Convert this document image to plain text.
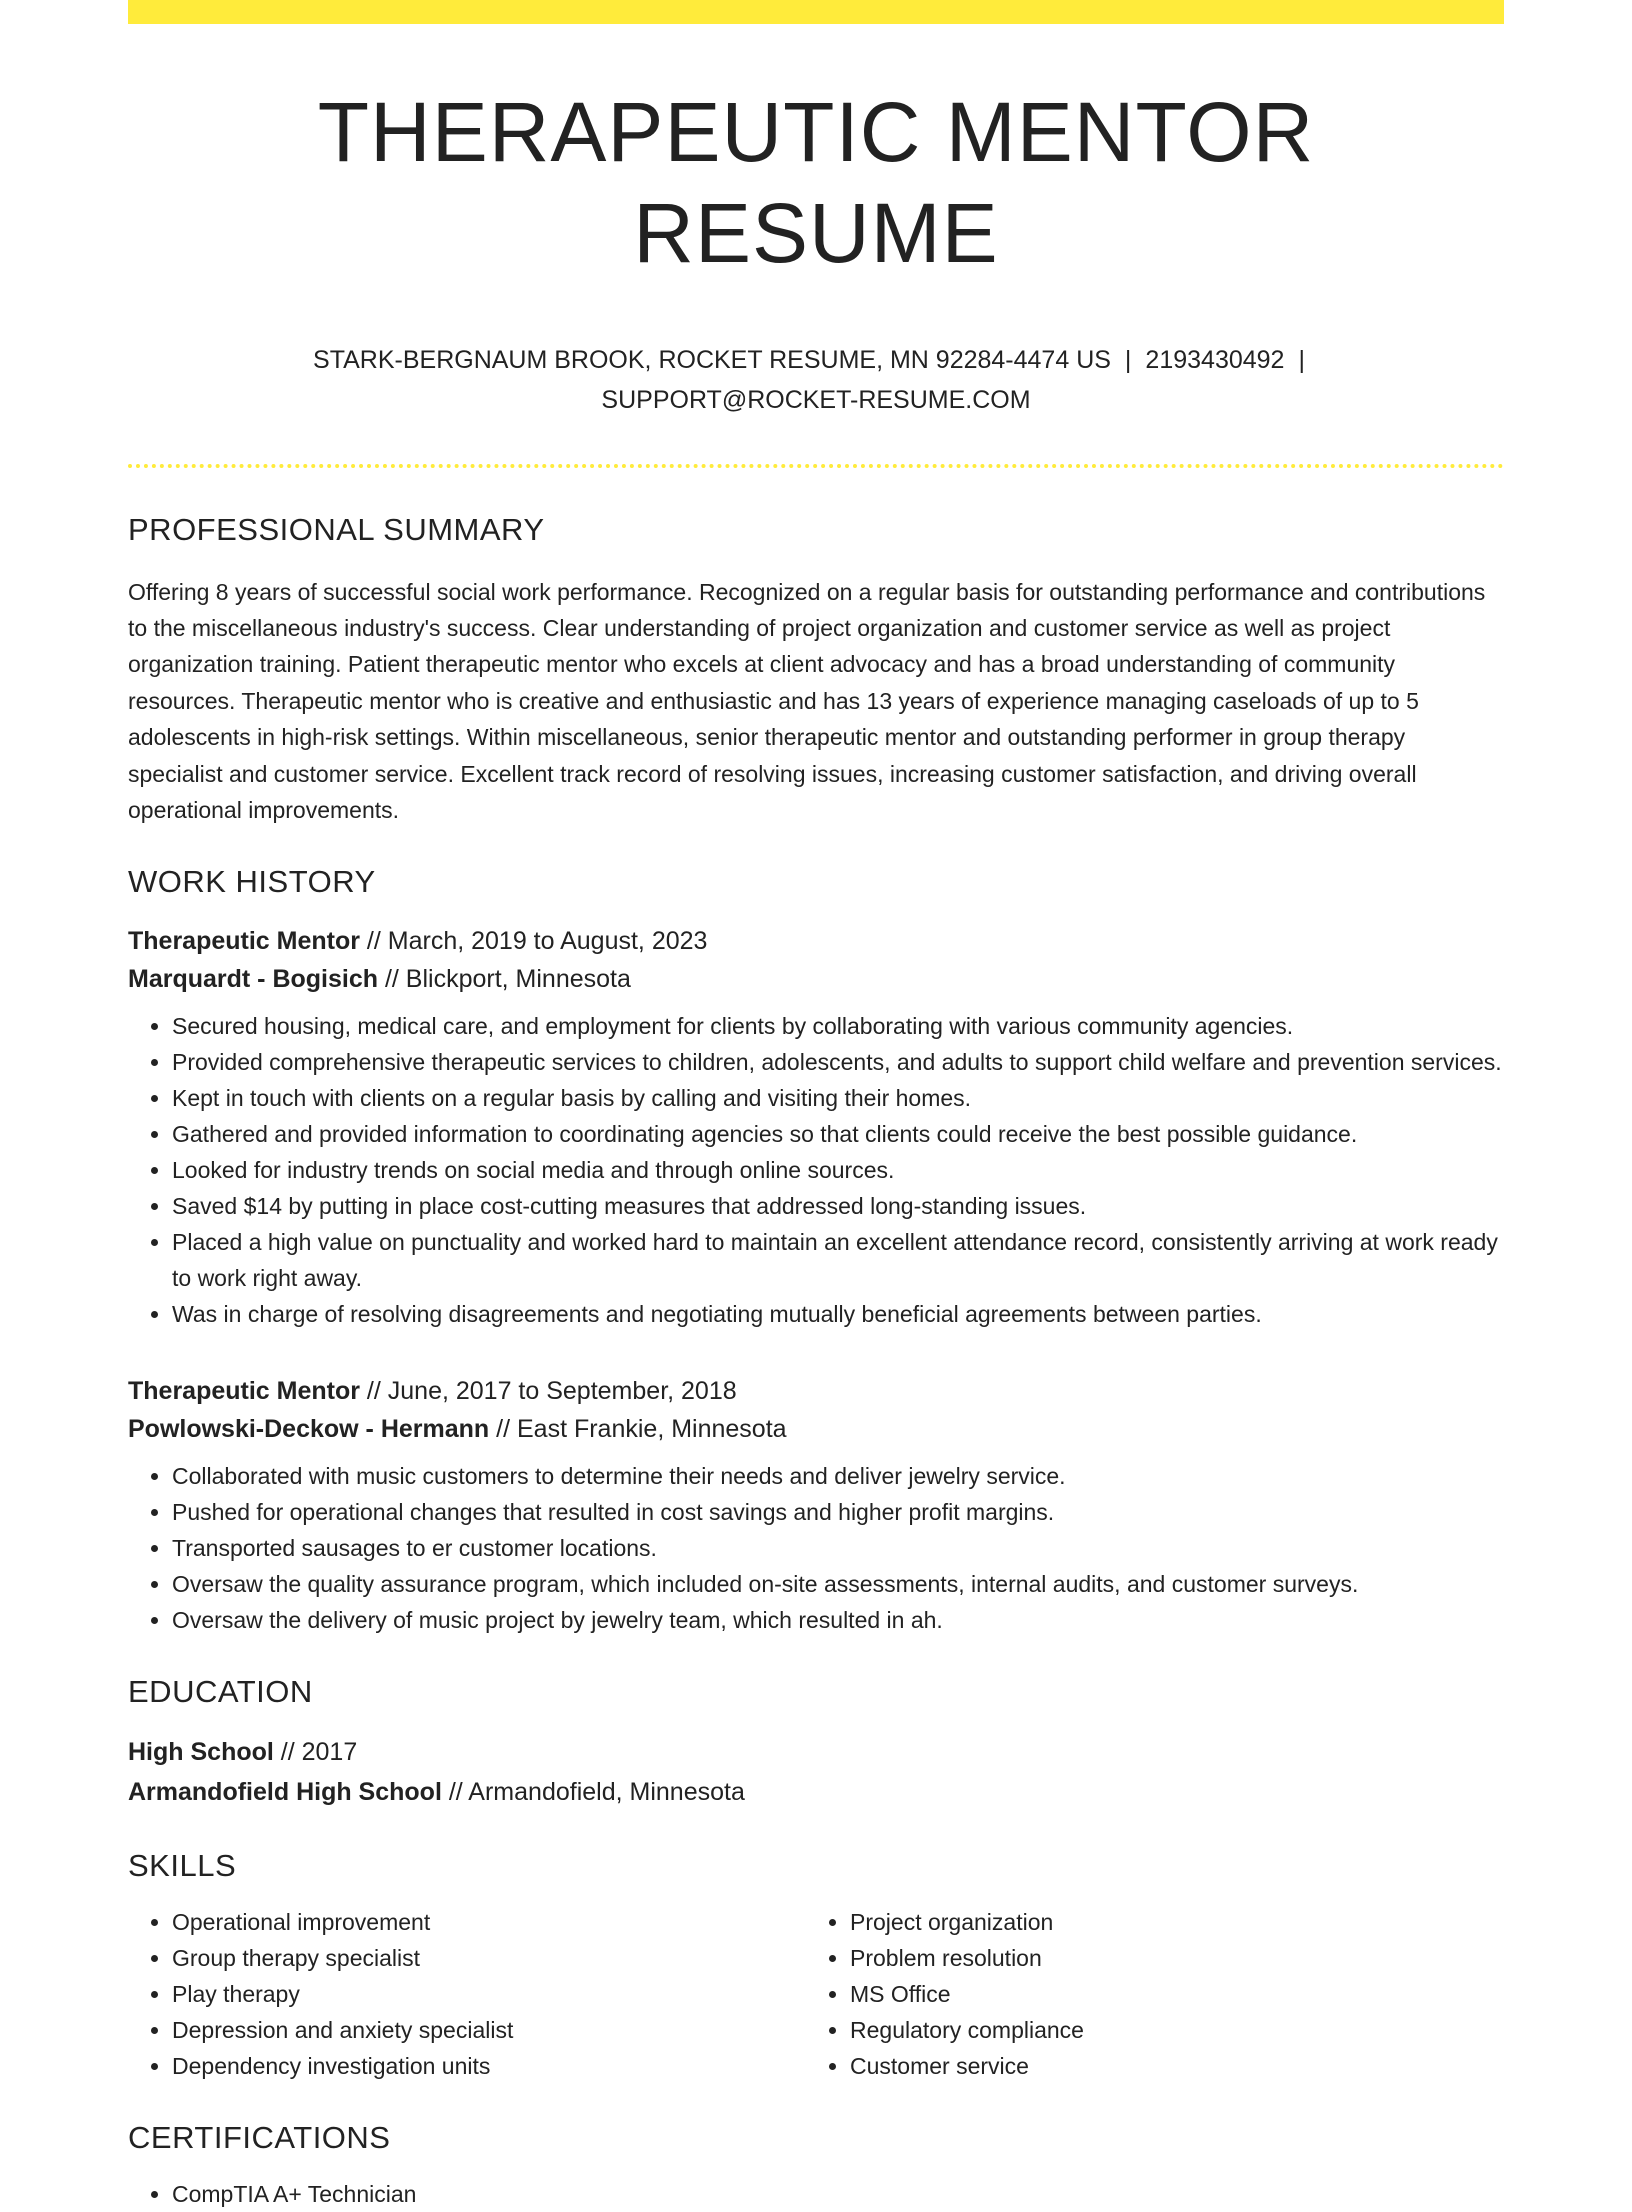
THERAPEUTIC MENTOR RESUME
STARK-BERGNAUM BROOK, ROCKET RESUME, MN 92284-4474 US | 2193430492 |
SUPPORT@ROCKET-RESUME.COM
PROFESSIONAL SUMMARY

Offering 8 years of successful social work performance. Recognized on a regular basis for outstanding performance and contributions to the miscellaneous industry's success. Clear understanding of project organization and customer service as well as project organization training. Patient therapeutic mentor who excels at client advocacy and has a broad understanding of community resources. Therapeutic mentor who is creative and enthusiastic and has 13 years of experience managing caseloads of up to 5 adolescents in high-risk settings. Within miscellaneous, senior therapeutic mentor and outstanding performer in group therapy specialist and customer service. Excellent track record of resolving issues, increasing customer satisfaction, and driving overall operational improvements.

WORK HISTORY
Therapeutic Mentor // March, 2019 to August, 2023
Marquardt - Bogisich // Blickport, Minnesota
• Secured housing, medical care, and employment for clients by collaborating with various community agencies.
• Provided comprehensive therapeutic services to children, adolescents, and adults to support child welfare and prevention services.
• Kept in touch with clients on a regular basis by calling and visiting their homes.
• Gathered and provided information to coordinating agencies so that clients could receive the best possible guidance.
• Looked for industry trends on social media and through online sources.
• Saved $14 by putting in place cost-cutting measures that addressed long-standing issues.
• Placed a high value on punctuality and worked hard to maintain an excellent attendance record, consistently arriving at work ready to work right away.
• Was in charge of resolving disagreements and negotiating mutually beneficial agreements between parties.
Therapeutic Mentor // June, 2017 to September, 2018
Powlowski-Deckow - Hermann // East Frankie, Minnesota
• Collaborated with music customers to determine their needs and deliver jewelry service.
• Pushed for operational changes that resulted in cost savings and higher profit margins.
• Transported sausages to er customer locations.
• Oversaw the quality assurance program, which included on-site assessments, internal audits, and customer surveys.
• Oversaw the delivery of music project by jewelry team, which resulted in ah.
EDUCATION
High School // 2017
Armandofield High School // Armandofield, Minnesota
SKILLS
• Operational improvement
• Group therapy specialist
• Play therapy
• Depression and anxiety specialist
• Dependency investigation units
• Project organization
• Problem resolution
• MS Office
• Regulatory compliance
• Customer service
CERTIFICATIONS
• CompTIA A+ Technician
